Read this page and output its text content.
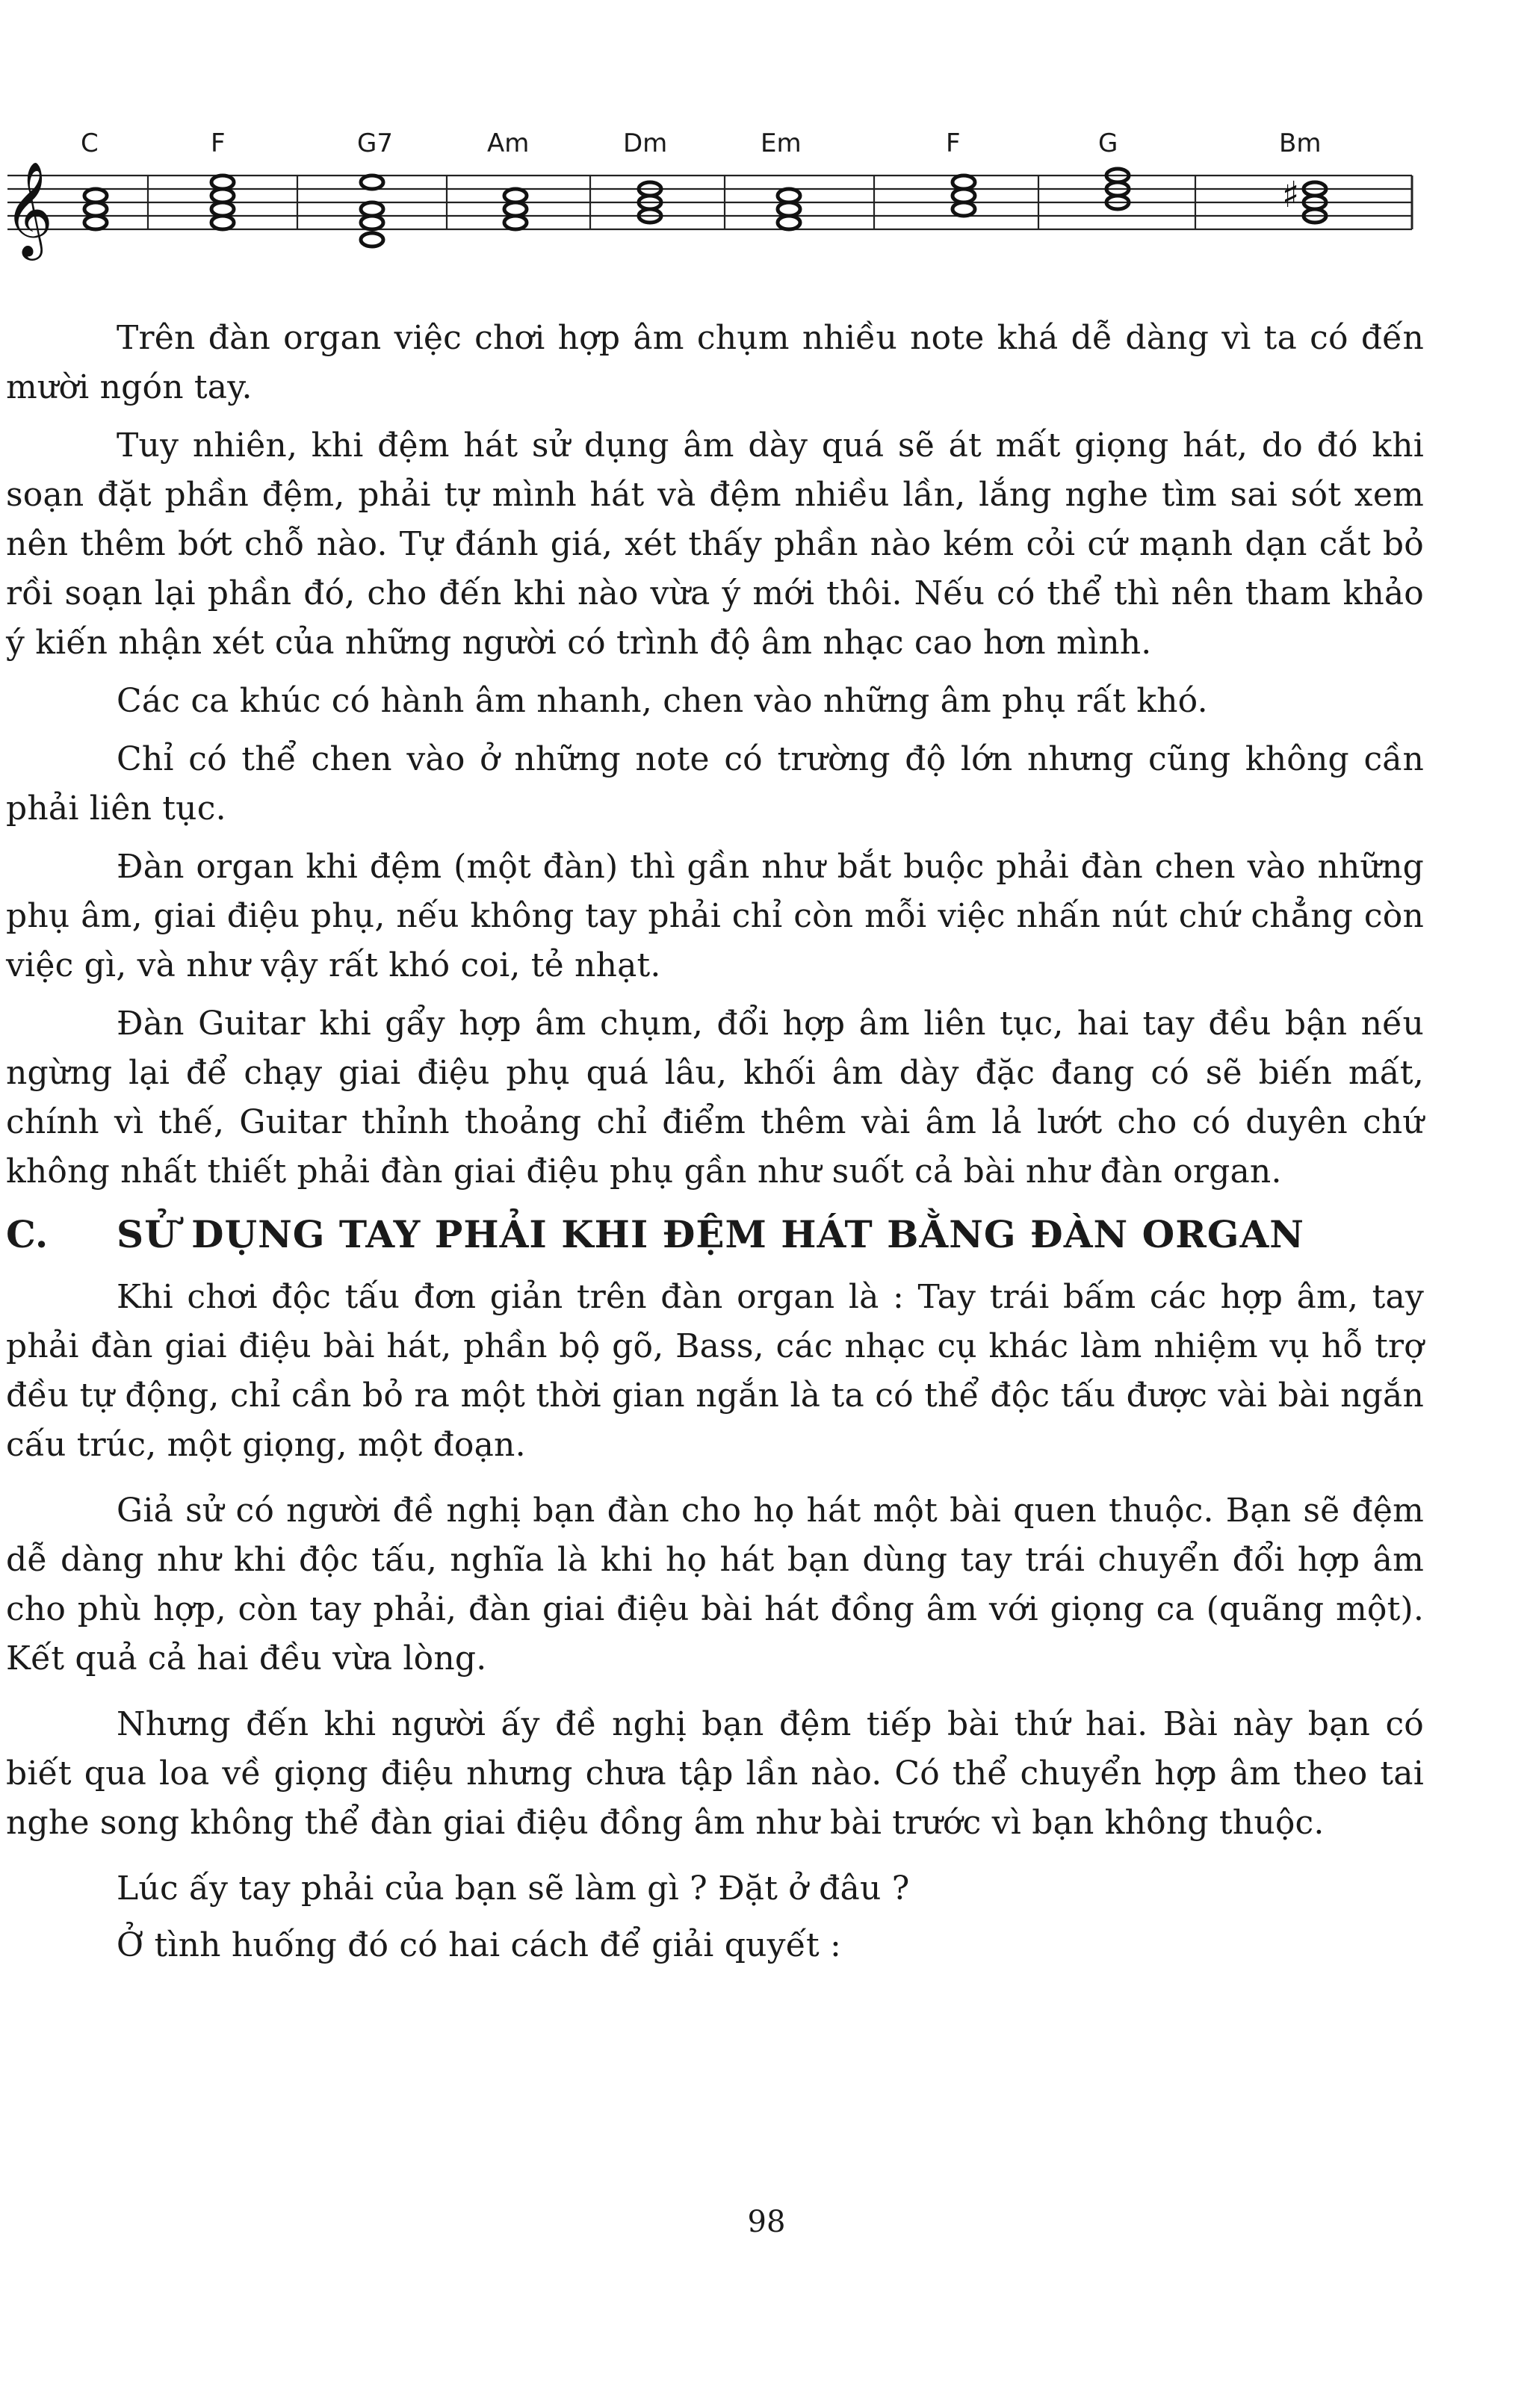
C	F	G7	Am	Dm	Em	F	G	Bm
𝄞	♯

Trên đàn organ việc chơi hợp âm chụm nhiều note khá dễ dàng vì ta có đến mười ngón tay.

Tuy nhiên, khi đệm hát sử dụng âm dày quá sẽ át mất giọng hát, do đó khi soạn đặt phần đệm, phải tự mình hát và đệm nhiều lần, lắng nghe tìm sai sót xem nên thêm bớt chỗ nào. Tự đánh giá, xét thấy phần nào kém cỏi cứ mạnh dạn cắt bỏ rồi soạn lại phần đó, cho đến khi nào vừa ý mới thôi. Nếu có thể thì nên tham khảo ý kiến nhận xét của những người có trình độ âm nhạc cao hơn mình.

Các ca khúc có hành âm nhanh, chen vào những âm phụ rất khó.

Chỉ có thể chen vào ở những note có trường độ lớn nhưng cũng không cần phải liên tục.

Đàn organ khi đệm (một đàn) thì gần như bắt buộc phải đàn chen vào những phụ âm, giai điệu phụ, nếu không tay phải chỉ còn mỗi việc nhấn nút chứ chẳng còn việc gì, và như vậy rất khó coi, tẻ nhạt.

Đàn Guitar khi gẩy hợp âm chụm, đổi hợp âm liên tục, hai tay đều bận nếu ngừng lại để chạy giai điệu phụ quá lâu, khối âm dày đặc đang có sẽ biến mất, chính vì thế, Guitar thỉnh thoảng chỉ điểm thêm vài âm lả lướt cho có duyên chứ không nhất thiết phải đàn giai điệu phụ gần như suốt cả bài như đàn organ.

C.	SỬ DỤNG TAY PHẢI KHI ĐỆM HÁT BẰNG ĐÀN ORGAN

Khi chơi độc tấu đơn giản trên đàn organ là : Tay trái bấm các hợp âm, tay phải đàn giai điệu bài hát, phần bộ gõ, Bass, các nhạc cụ khác làm nhiệm vụ hỗ trợ đều tự động, chỉ cần bỏ ra một thời gian ngắn là ta có thể độc tấu được vài bài ngắn cấu trúc, một giọng, một đoạn.

Giả sử có người đề nghị bạn đàn cho họ hát một bài quen thuộc. Bạn sẽ đệm dễ dàng như khi độc tấu, nghĩa là khi họ hát bạn dùng tay trái chuyển đổi hợp âm cho phù hợp, còn tay phải, đàn giai điệu bài hát đồng âm với giọng ca (quãng một). Kết quả cả hai đều vừa lòng.

Nhưng đến khi người ấy đề nghị bạn đệm tiếp bài thứ hai. Bài này bạn có biết qua loa về giọng điệu nhưng chưa tập lần nào. Có thể chuyển hợp âm theo tai nghe song không thể đàn giai điệu đồng âm như bài trước vì bạn không thuộc.

Lúc ấy tay phải của bạn sẽ làm gì ? Đặt ở đâu ?

Ở tình huống đó có hai cách để giải quyết :

98
